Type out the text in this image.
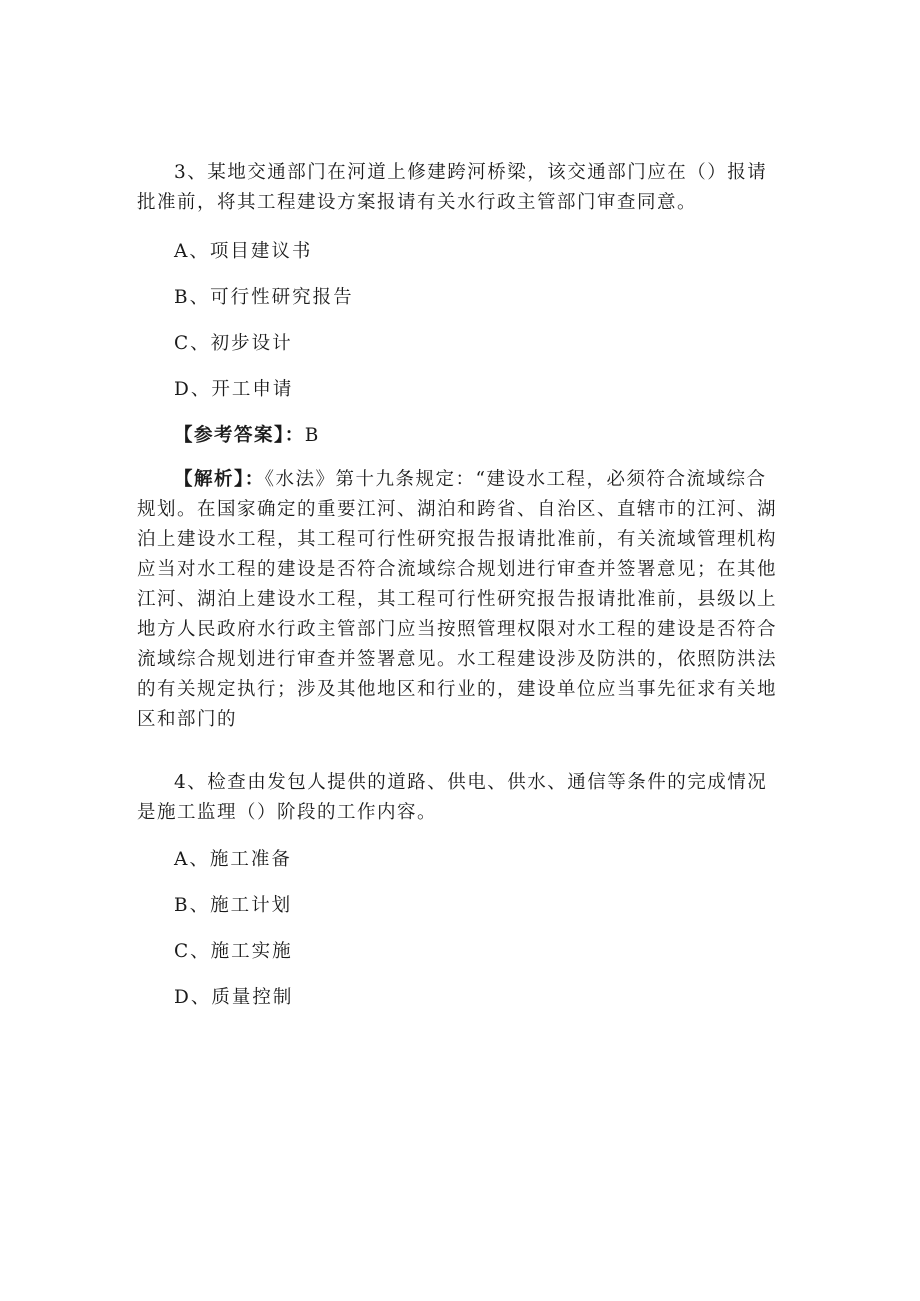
3、某地交通部门在河道上修建跨河桥梁，该交通部门应在（）报请批准前，将其工程建设方案报请有关水行政主管部门审查同意。

A、项目建议书

B、可行性研究报告

C、初步设计

D、开工申请

【参考答案】：B

【解析】：《水法》第十九条规定：“建设水工程，必须符合流域综合规划。在国家确定的重要江河、湖泊和跨省、自治区、直辖市的江河、湖泊上建设水工程，其工程可行性研究报告报请批准前，有关流域管理机构应当对水工程的建设是否符合流域综合规划进行审查并签署意见；在其他江河、湖泊上建设水工程，其工程可行性研究报告报请批准前，县级以上地方人民政府水行政主管部门应当按照管理权限对水工程的建设是否符合流域综合规划进行审查并签署意见。水工程建设涉及防洪的，依照防洪法的有关规定执行；涉及其他地区和行业的，建设单位应当事先征求有关地区和部门的

4、检查由发包人提供的道路、供电、供水、通信等条件的完成情况是施工监理（）阶段的工作内容。

A、施工准备

B、施工计划

C、施工实施

D、质量控制
